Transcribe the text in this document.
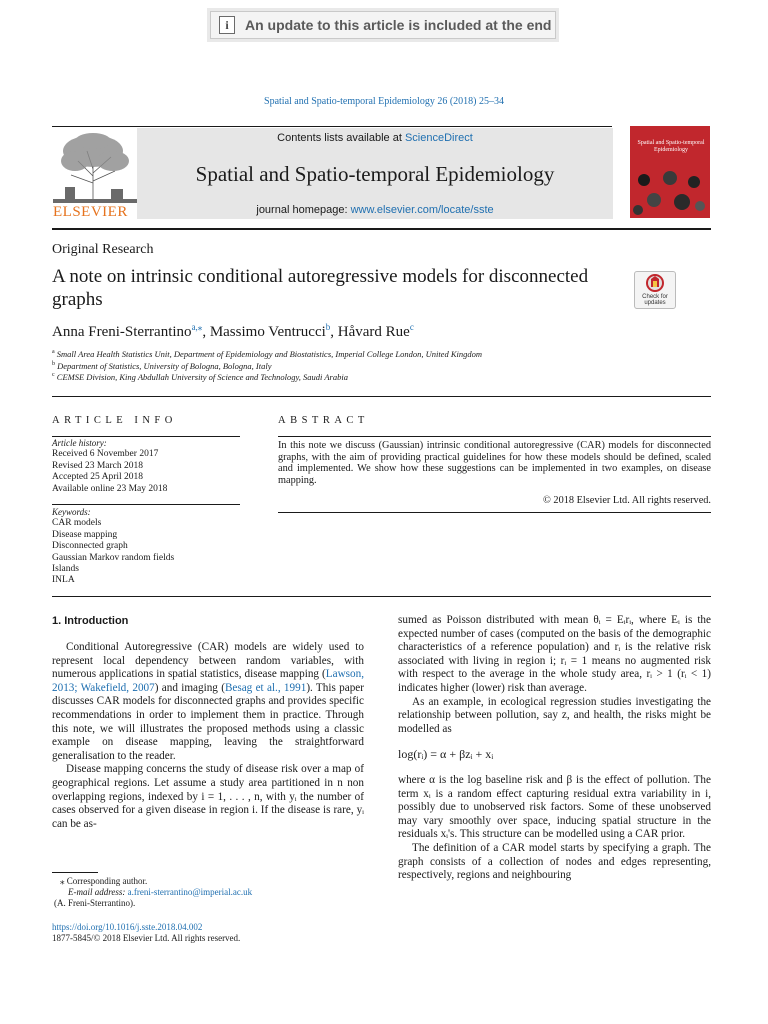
i	An update to this article is included at the end
Spatial and Spatio-temporal Epidemiology 26 (2018) 25–34
ELSEVIER
Contents lists available at ScienceDirect
Spatial and Spatio-temporal Epidemiology
journal homepage: www.elsevier.com/locate/sste
Spatial and Spatio-temporal Epidemiology
Original Research
A note on intrinsic conditional autoregressive models for disconnected graphs	Check for updates
Anna Freni-Sterrantino$^{a,⁎}$, Massimo Ventrucci$^b$, Håvard Rue$^c$
$^a$ Small Area Health Statistics Unit, Department of Epidemiology and Biostatistics, Imperial College London, United Kingdom
$^b$ Department of Statistics, University of Bologna, Bologna, Italy
$^c$ CEMSE Division, King Abdullah University of Science and Technology, Saudi Arabia
ARTICLE INFO
Article history:
Received 6 November 2017
Revised 23 March 2018
Accepted 25 April 2018
Available online 23 May 2018
Keywords:
CAR models
Disease mapping
Disconnected graph
Gaussian Markov random fields
Islands
INLA
ABSTRACT
In this note we discuss (Gaussian) intrinsic conditional autoregressive (CAR) models for disconnected graphs, with the aim of providing practical guidelines for how these models should be defined, scaled and implemented. We show how these suggestions can be implemented in two examples, on disease mapping.
© 2018 Elsevier Ltd. All rights reserved.
1. Introduction

Conditional Autoregressive (CAR) models are widely used to represent local dependency between random variables, with numerous applications in spatial statistics, disease mapping (Lawson, 2013; Wakefield, 2007) and imaging (Besag et al., 1991). This paper discusses CAR models for disconnected graphs and provides specific recommendations in order to implement them in practice. Through this note, we will illustrates the proposed methods using a classic example on disease mapping, leaving the straightforward generalisation to the reader.

Disease mapping concerns the study of disease risk over a map of geographical regions. Let assume a study area partitioned in n non overlapping regions, indexed by i = 1, . . . , n, with yᵢ the number of cases observed for a given disease in region i. If the disease is rare, yᵢ can be as-

sumed as Poisson distributed with mean θᵢ = Eᵢrᵢ, where Eᵢ is the expected number of cases (computed on the basis of the demographic characteristics of a reference population) and rᵢ is the relative risk associated with living in region i; rᵢ = 1 means no augmented risk with respect to the average in the whole study area, rᵢ > 1 (rᵢ < 1) indicates higher (lower) risk than average.

As an example, in ecological regression studies investigating the relationship between pollution, say z, and health, the risks might be modelled as

log(rᵢ) = α + βzᵢ + xᵢ

where α is the log baseline risk and β is the effect of pollution. The term xᵢ is a random effect capturing residual extra variability in i, possibly due to unobserved risk factors. Some of these unobserved may vary smoothly over space, inducing spatial structure in the residuals xᵢ's. This structure can be modelled using a CAR prior.

The definition of a CAR model starts by specifying a graph. The graph consists of a collection of nodes and edges representing, respectively, regions and neighbouring

⁎ Corresponding author.
E-mail address: a.freni-sterrantino@imperial.ac.uk
(A. Freni-Sterrantino).
https://doi.org/10.1016/j.sste.2018.04.002
1877-5845/© 2018 Elsevier Ltd. All rights reserved.
